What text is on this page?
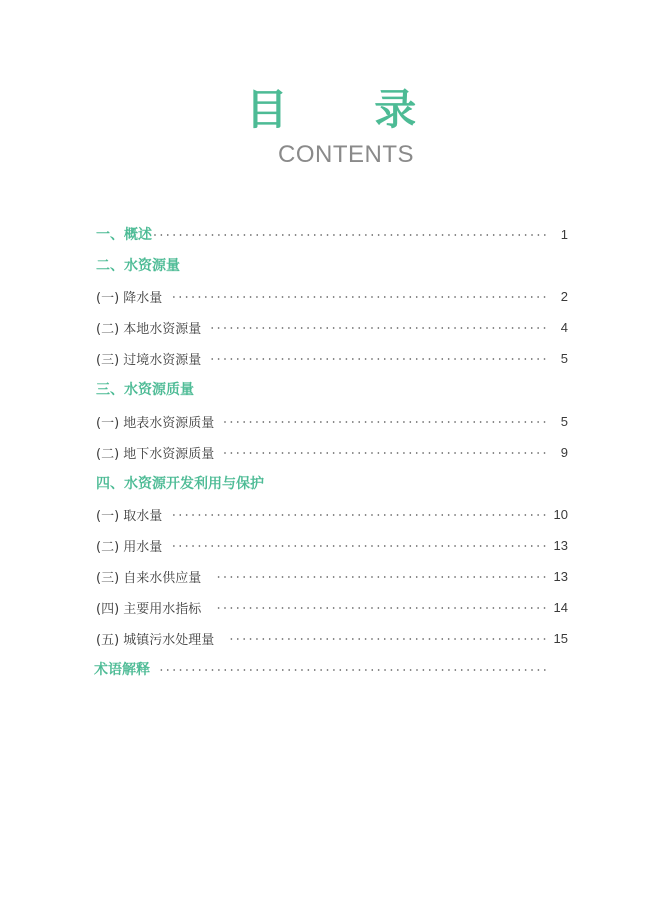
目 录
CONTENTS
一、概述	1
二、水资源量
(一) 降水量	2
(二) 本地水资源量	4
(三) 过境水资源量	5
三、水资源质量
(一) 地表水资源质量	5
(二) 地下水资源质量	9
四、水资源开发利用与保护
(一) 取水量	10
(二) 用水量	13
(三) 自来水供应量	13
(四) 主要用水指标	14
(五) 城镇污水处理量	15
术语解释
